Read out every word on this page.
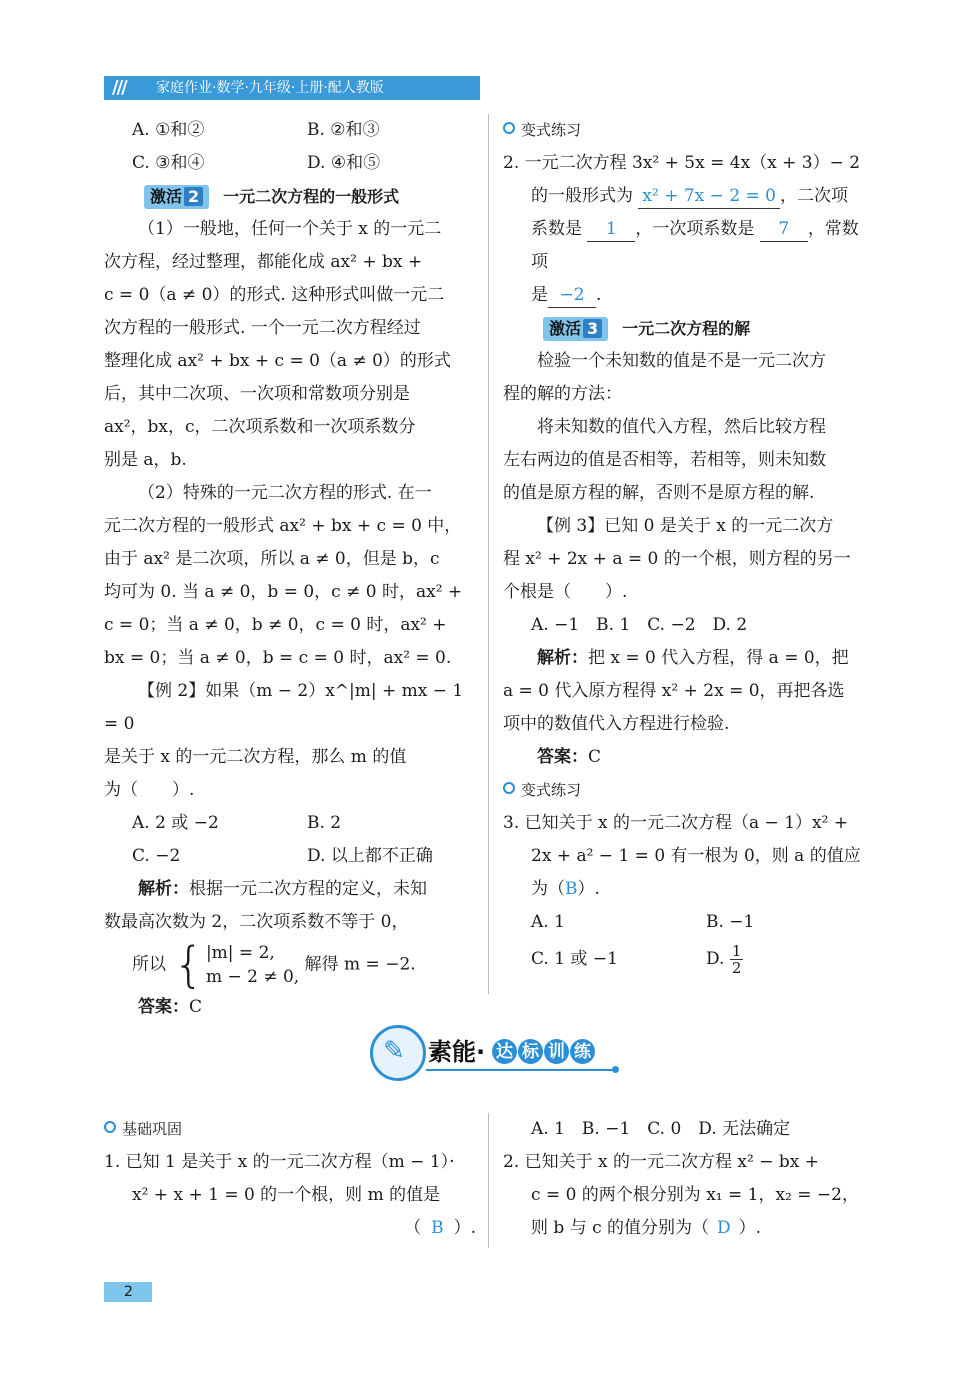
/// 家庭作业·数学·九年级·上册·配人教版
A. ①和②	B. ②和③
C. ③和④	D. ④和⑤
激活 2 一元二次方程的一般形式

（1）一般地，任何一个关于 x 的一元二

次方程，经过整理，都能化成 ax² + bx +

c = 0（a ≠ 0）的形式. 这种形式叫做一元二

次方程的一般形式. 一个一元二次方程经过

整理化成 ax² + bx + c = 0（a ≠ 0）的形式

后，其中二次项、一次项和常数项分别是

ax²，bx，c，二次项系数和一次项系数分

别是 a，b.

（2）特殊的一元二次方程的形式. 在一

元二次方程的一般形式 ax² + bx + c = 0 中，

由于 ax² 是二次项，所以 a ≠ 0，但是 b，c

均可为 0. 当 a ≠ 0，b = 0，c ≠ 0 时，ax² +

c = 0；当 a ≠ 0，b ≠ 0，c = 0 时，ax² +

bx = 0；当 a ≠ 0，b = c = 0 时，ax² = 0.

【例 2】如果（m − 2）x^|m| + mx − 1 = 0

是关于 x 的一元二次方程，那么 m 的值

为（　　）.

A. 2 或 −2	B. 2
C. −2	D. 以上都不正确

解析：根据一元二次方程的定义，未知

数最高次数为 2，二次项系数不等于 0，

所以 { |m| = 2,
m − 2 ≠ 0,
解得 m = −2.

答案：C

变式练习

2. 一元二次方程 3x² + 5x = 4x（x + 3）− 2

的一般形式为 x² + 7x − 2 = 0 ，二次项

系数是 1 ，一次项系数是 7 ，常数项

是 −2 .

激活 3 一元二次方程的解

检验一个未知数的值是不是一元二次方

程的解的方法：

将未知数的值代入方程，然后比较方程

左右两边的值是否相等，若相等，则未知数

的值是原方程的解，否则不是原方程的解.

【例 3】已知 0 是关于 x 的一元二次方

程 x² + 2x + a = 0 的一个根，则方程的另一

个根是（　　）.

A. −1　B. 1　C. −2　D. 2

解析：把 x = 0 代入方程，得 a = 0，把

a = 0 代入原方程得 x² + 2x = 0，再把各选

项中的数值代入方程进行检验.

答案：C

变式练习

3. 已知关于 x 的一元二次方程（a − 1）x² +

2x + a² − 1 = 0 有一根为 0，则 a 的值应

为（B）.

A. 1	B. −1
C. 1 或 −1	D. $\frac{1}{2}$
✎ 素能· 达 标 训 练
基础巩固

1. 已知 1 是关于 x 的一元二次方程（m − 1）·

x² + x + 1 = 0 的一个根，则 m 的值是

（ B ）.

A. 1　B. −1　C. 0　D. 无法确定

2. 已知关于 x 的一元二次方程 x² − bx +

c = 0 的两个根分别为 x₁ = 1，x₂ = −2，

则 b 与 c 的值分别为（ D ）.

2
